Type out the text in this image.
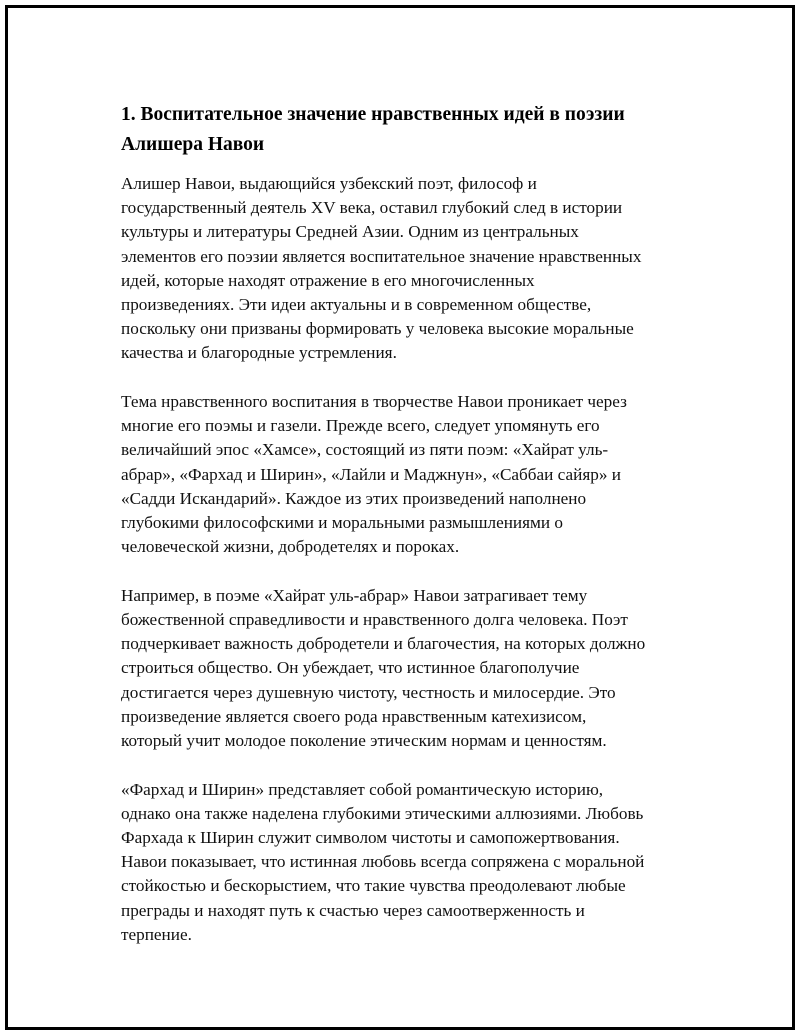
1. Воспитательное значение нравственных идей в поэзии
Алишера Навои

Алишер Навои, выдающийся узбекский поэт, философ и
государственный деятель XV века, оставил глубокий след в истории
культуры и литературы Средней Азии. Одним из центральных
элементов его поэзии является воспитательное значение нравственных
идей, которые находят отражение в его многочисленных
произведениях. Эти идеи актуальны и в современном обществе,
поскольку они призваны формировать у человека высокие моральные
качества и благородные устремления.

Тема нравственного воспитания в творчестве Навои проникает через
многие его поэмы и газели. Прежде всего, следует упомянуть его
величайший эпос «Хамсе», состоящий из пяти поэм: «Хайрат уль-
абрар», «Фархад и Ширин», «Лайли и Маджнун», «Саббаи сайяр» и
«Садди Искандарий». Каждое из этих произведений наполнено
глубокими философскими и моральными размышлениями о
человеческой жизни, добродетелях и пороках.

Например, в поэме «Хайрат уль-абрар» Навои затрагивает тему
божественной справедливости и нравственного долга человека. Поэт
подчеркивает важность добродетели и благочестия, на которых должно
строиться общество. Он убеждает, что истинное благополучие
достигается через душевную чистоту, честность и милосердие. Это
произведение является своего рода нравственным катехизисом,
который учит молодое поколение этическим нормам и ценностям.

«Фархад и Ширин» представляет собой романтическую историю,
однако она также наделена глубокими этическими аллюзиями. Любовь
Фархада к Ширин служит символом чистоты и самопожертвования.
Навои показывает, что истинная любовь всегда сопряжена с моральной
стойкостью и бескорыстием, что такие чувства преодолевают любые
преграды и находят путь к счастью через самоотверженность и
терпение.
